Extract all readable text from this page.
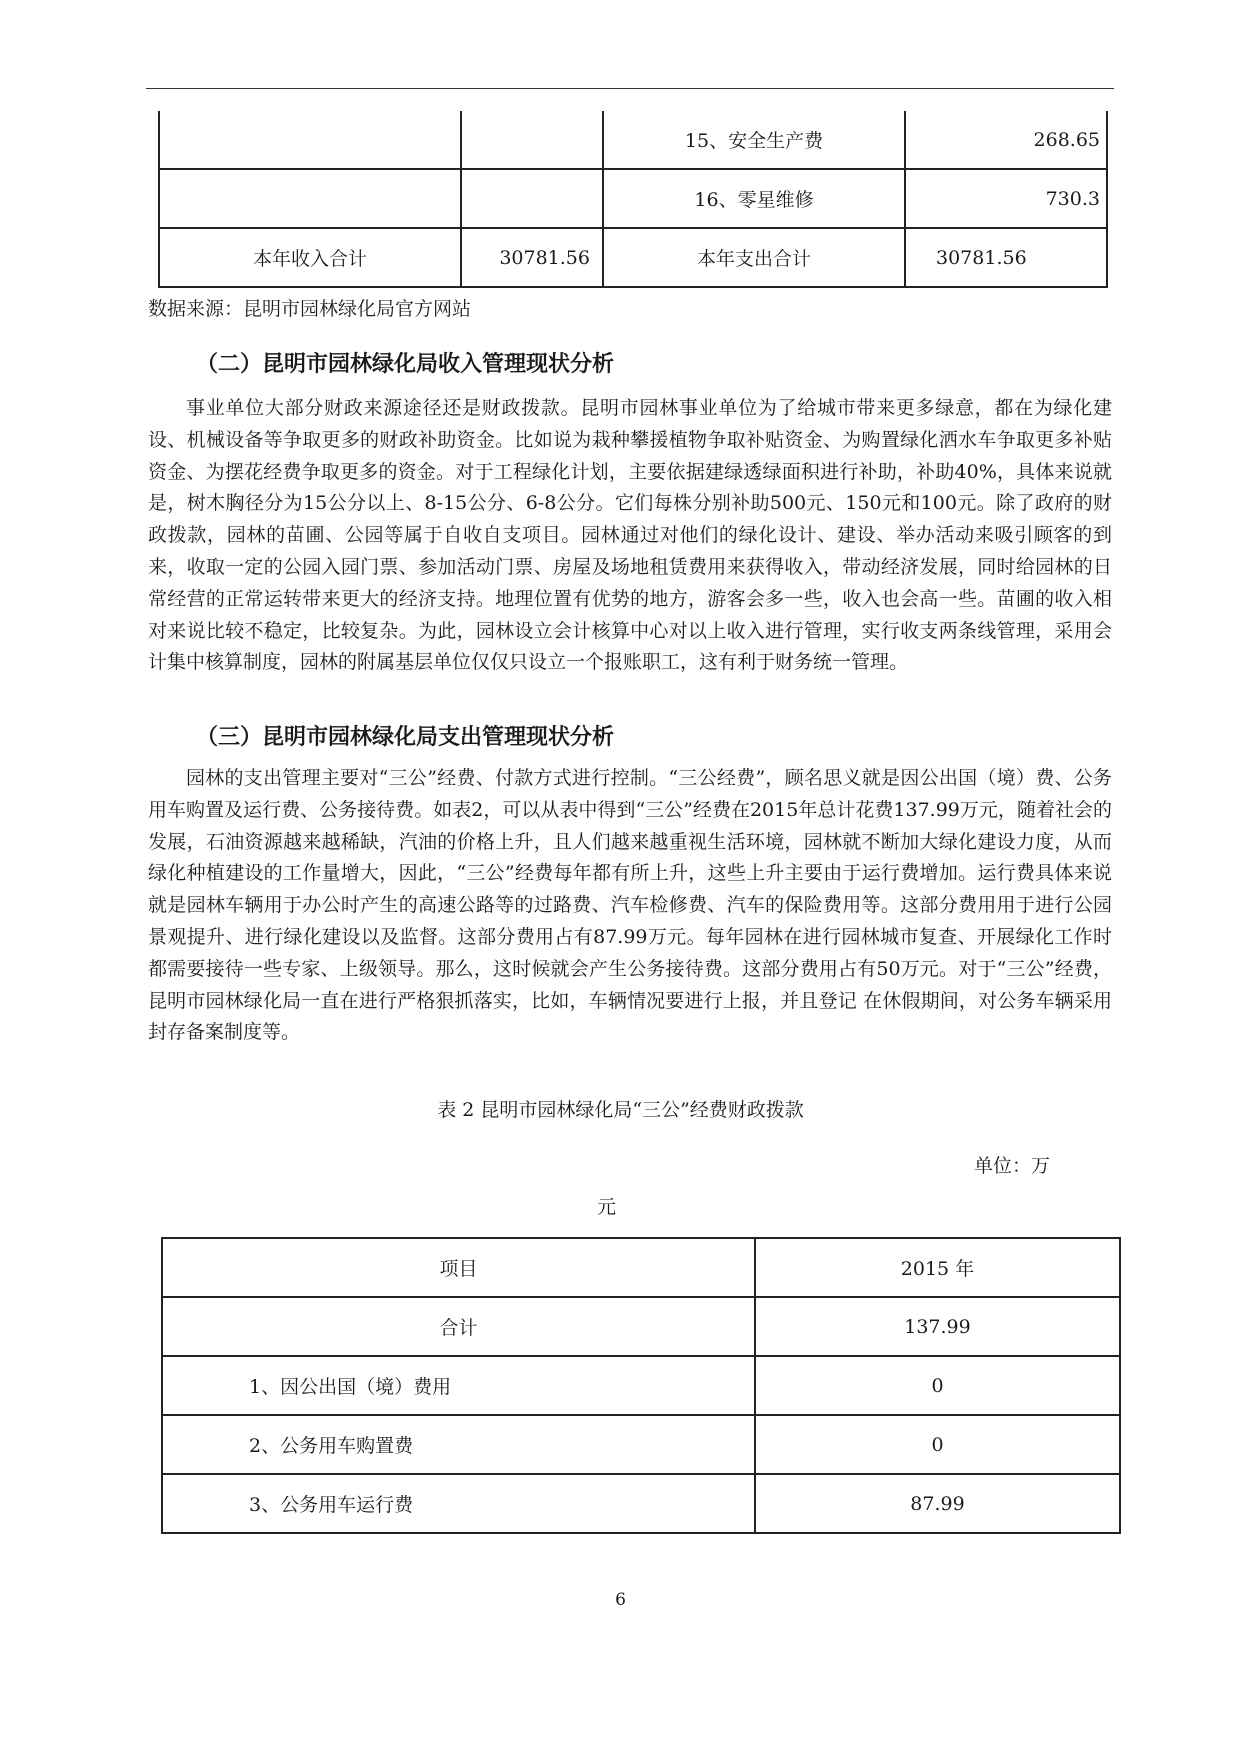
		15、安全生产费	268.65
		16、零星维修	730.3
本年收入合计	30781.56	本年支出合计	30781.56
数据来源：昆明市园林绿化局官方网站
（二）昆明市园林绿化局收入管理现状分析

事业单位大部分财政来源途径还是财政拨款。昆明市园林事业单位为了给城市带来更多绿意，都在为绿化建设、机械设备等争取更多的财政补助资金。比如说为栽种攀援植物争取补贴资金、为购置绿化洒水车争取更多补贴资金、为摆花经费争取更多的资金。对于工程绿化计划，主要依据建绿透绿面积进行补助，补助40%，具体来说就是，树木胸径分为15公分以上、8-15公分、6-8公分。它们每株分别补助500元、150元和100元。除了政府的财政拨款，园林的苗圃、公园等属于自收自支项目。园林通过对他们的绿化设计、建设、举办活动来吸引顾客的到来，收取一定的公园入园门票、参加活动门票、房屋及场地租赁费用来获得收入，带动经济发展，同时给园林的日常经营的正常运转带来更大的经济支持。地理位置有优势的地方，游客会多一些，收入也会高一些。苗圃的收入相对来说比较不稳定，比较复杂。为此，园林设立会计核算中心对以上收入进行管理，实行收支两条线管理，采用会计集中核算制度，园林的附属基层单位仅仅只设立一个报账职工，这有利于财务统一管理。

（三）昆明市园林绿化局支出管理现状分析

园林的支出管理主要对“三公”经费、付款方式进行控制。“三公经费”，顾名思义就是因公出国（境）费、公务用车购置及运行费、公务接待费。如表2，可以从表中得到“三公”经费在2015年总计花费137.99万元，随着社会的发展，石油资源越来越稀缺，汽油的价格上升，且人们越来越重视生活环境，园林就不断加大绿化建设力度，从而绿化种植建设的工作量增大，因此，“三公”经费每年都有所上升，这些上升主要由于运行费增加。运行费具体来说就是园林车辆用于办公时产生的高速公路等的过路费、汽车检修费、汽车的保险费用等。这部分费用用于进行公园景观提升、进行绿化建设以及监督。这部分费用占有87.99万元。每年园林在进行园林城市复查、开展绿化工作时都需要接待一些专家、上级领导。那么，这时候就会产生公务接待费。这部分费用占有50万元。对于“三公”经费，昆明市园林绿化局一直在进行严格狠抓落实，比如，车辆情况要进行上报，并且登记 在休假期间，对公务车辆采用封存备案制度等。

表 2 昆明市园林绿化局“三公”经费财政拨款
单位：万
元
项目	2015 年
合计	137.99
1、因公出国（境）费用	0
2、公务用车购置费	0
3、公务用车运行费	87.99
6
